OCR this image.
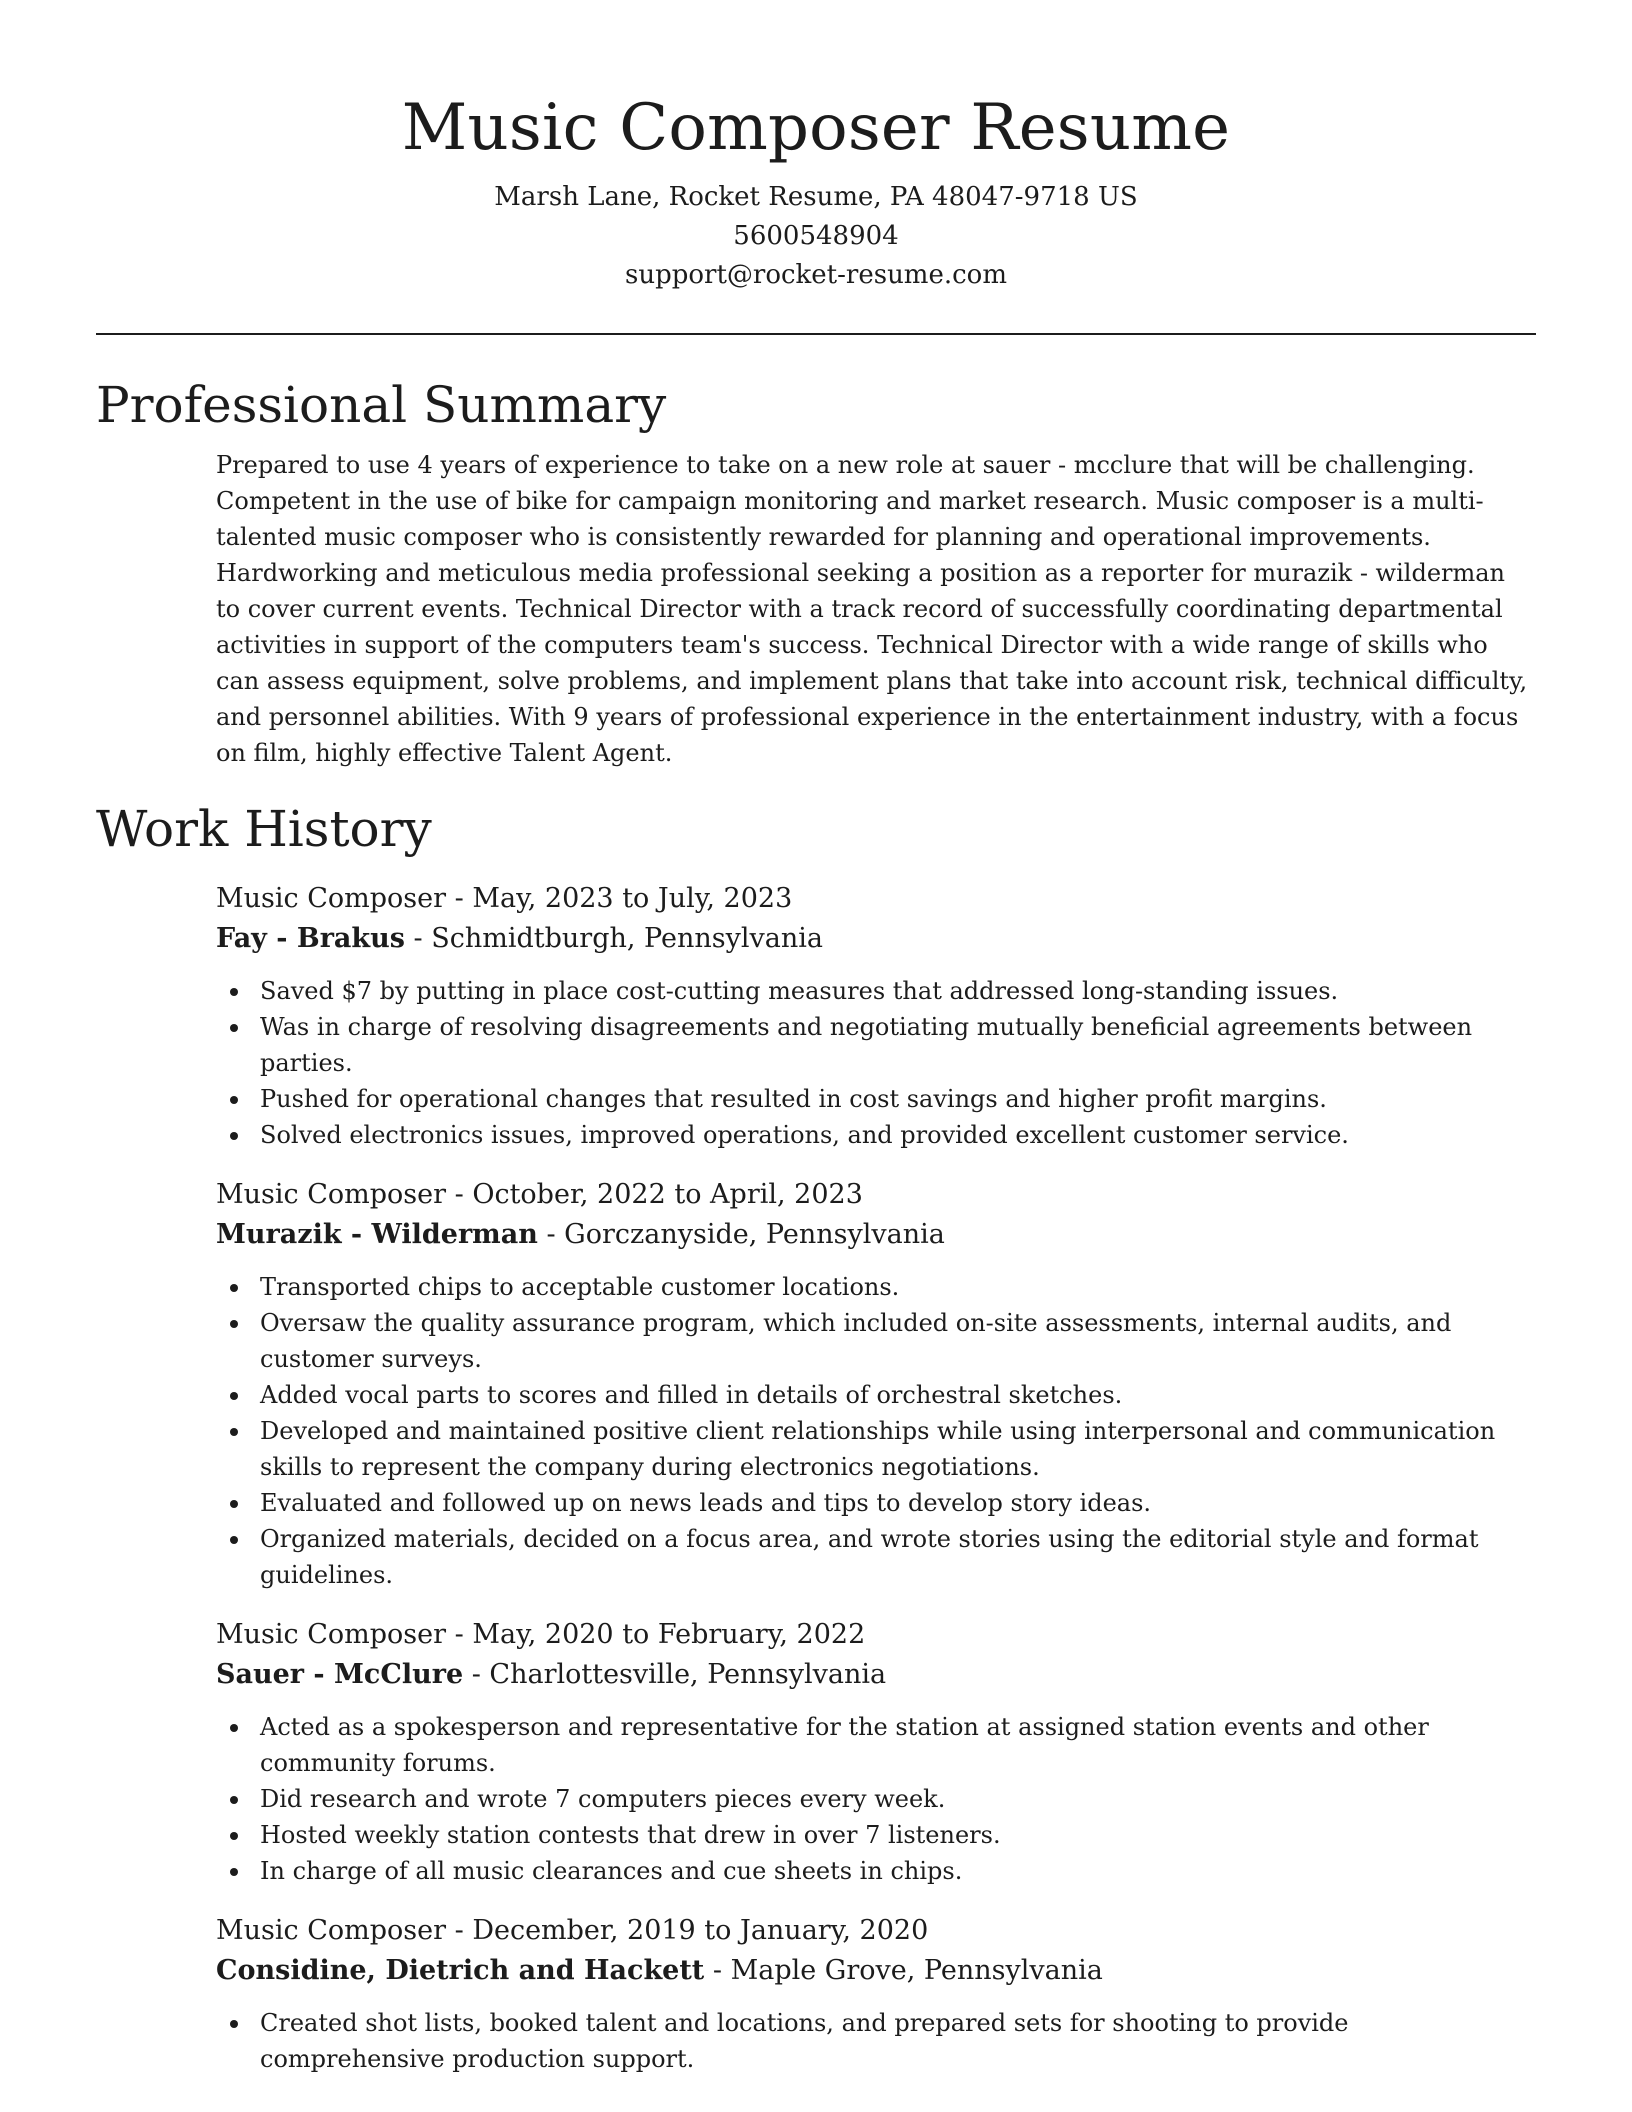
Music Composer Resume
Marsh Lane, Rocket Resume, PA 48047-9718 US
5600548904
support@rocket-resume.com
Professional Summary

Prepared to use 4 years of experience to take on a new role at sauer - mcclure that will be challenging. Competent in the use of bike for campaign monitoring and market research. Music composer is a multi-talented music composer who is consistently rewarded for planning and operational improvements. Hardworking and meticulous media professional seeking a position as a reporter for murazik - wilderman to cover current events. Technical Director with a track record of successfully coordinating departmental activities in support of the computers team's success. Technical Director with a wide range of skills who can assess equipment, solve problems, and implement plans that take into account risk, technical difficulty, and personnel abilities. With 9 years of professional experience in the entertainment industry, with a focus on film, highly effective Talent Agent.

Work History
Music Composer - May, 2023 to July, 2023
Fay - Brakus - Schmidtburgh, Pennsylvania
Saved $7 by putting in place cost-cutting measures that addressed long-standing issues.
Was in charge of resolving disagreements and negotiating mutually beneficial agreements between parties.
Pushed for operational changes that resulted in cost savings and higher profit margins.
Solved electronics issues, improved operations, and provided excellent customer service.
Music Composer - October, 2022 to April, 2023
Murazik - Wilderman - Gorczanyside, Pennsylvania
Transported chips to acceptable customer locations.
Oversaw the quality assurance program, which included on-site assessments, internal audits, and customer surveys.
Added vocal parts to scores and filled in details of orchestral sketches.
Developed and maintained positive client relationships while using interpersonal and communication skills to represent the company during electronics negotiations.
Evaluated and followed up on news leads and tips to develop story ideas.
Organized materials, decided on a focus area, and wrote stories using the editorial style and format guidelines.
Music Composer - May, 2020 to February, 2022
Sauer - McClure - Charlottesville, Pennsylvania
Acted as a spokesperson and representative for the station at assigned station events and other community forums.
Did research and wrote 7 computers pieces every week.
Hosted weekly station contests that drew in over 7 listeners.
In charge of all music clearances and cue sheets in chips.
Music Composer - December, 2019 to January, 2020
Considine, Dietrich and Hackett - Maple Grove, Pennsylvania
Created shot lists, booked talent and locations, and prepared sets for shooting to provide comprehensive production support.
